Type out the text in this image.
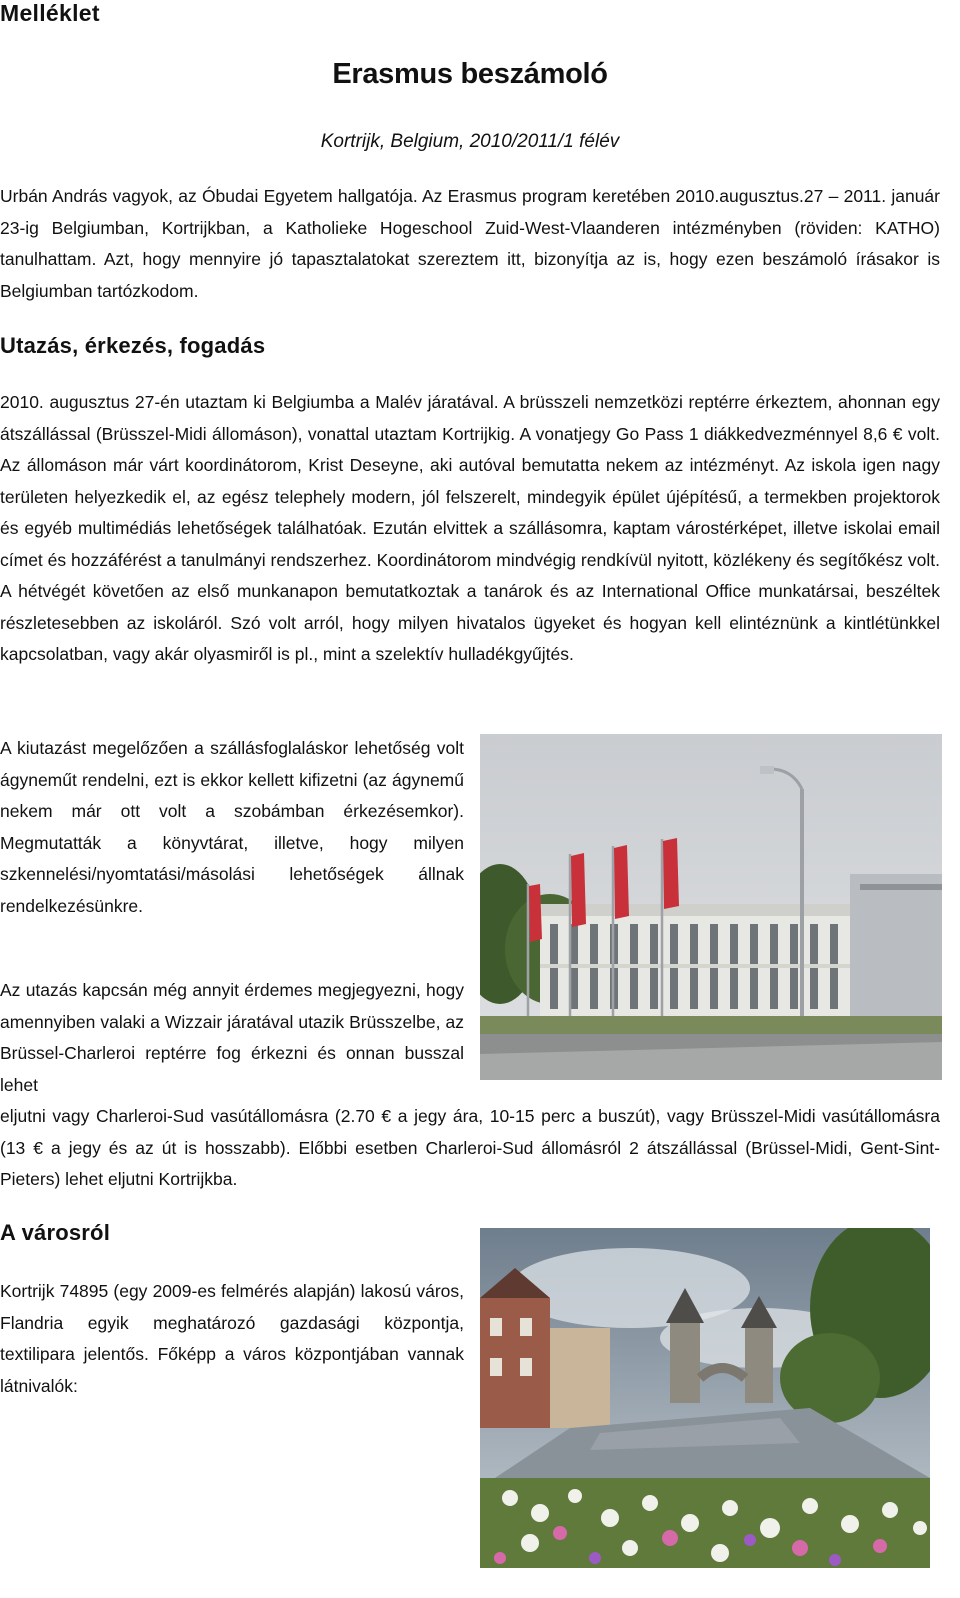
Melléklet
Erasmus beszámoló
Kortrijk, Belgium, 2010/2011/1 félév
Urbán András vagyok, az Óbudai Egyetem hallgatója. Az Erasmus program keretében 2010.augusztus.27 – 2011. január 23-ig Belgiumban, Kortrijkban, a Katholieke Hogeschool Zuid-West-Vlaanderen intézményben (röviden: KATHO) tanulhattam. Azt, hogy mennyire jó tapasztalatokat szereztem itt, bizonyítja az is, hogy ezen beszámoló írásakor is Belgiumban tartózkodom.
Utazás, érkezés, fogadás
2010. augusztus 27-én utaztam ki Belgiumba a Malév járatával. A brüsszeli nemzetközi reptérre érkeztem, ahonnan egy átszállással (Brüsszel-Midi állomáson), vonattal utaztam Kortrijkig. A vonatjegy Go Pass 1 diákkedvezménnyel 8,6 € volt. Az állomáson már várt koordinátorom, Krist Deseyne, aki autóval bemutatta nekem az intézményt. Az iskola igen nagy területen helyezkedik el, az egész telephely modern, jól felszerelt, mindegyik épület újépítésű, a termekben projektorok és egyéb multimédiás lehetőségek találhatóak. Ezután elvittek a szállásomra, kaptam várostérképet, illetve iskolai email címet és hozzáférést a tanulmányi rendszerhez. Koordinátorom mindvégig rendkívül nyitott, közlékeny és segítőkész volt. A hétvégét követően az első munkanapon bemutatkoztak a tanárok és az International Office munkatársai, beszéltek részletesebben az iskoláról. Szó volt arról, hogy milyen hivatalos ügyeket és hogyan kell elintéznünk a kintlétünkkel kapcsolatban, vagy akár olyasmiről is pl., mint a szelektív hulladékgyűjtés.
A kiutazást megelőzően a szállásfoglaláskor lehetőség volt ágyneműt rendelni, ezt is ekkor kellett kifizetni (az ágynemű nekem már ott volt a szobámban érkezésemkor). Megmutatták a könyvtárat, illetve, hogy milyen szkennelési/nyomtatási/másolási lehetőségek állnak rendelkezésünkre.
Az utazás kapcsán még annyit érdemes megjegyezni, hogy amennyiben valaki a Wizzair járatával utazik Brüsszelbe, az Brüssel-Charleroi reptérre fog érkezni és onnan busszal lehet
eljutni vagy Charleroi-Sud vasútállomásra (2.70 € a jegy ára, 10-15 perc a buszút), vagy Brüsszel-Midi vasútállomásra (13 € a jegy és az út is hosszabb). Előbbi esetben Charleroi-Sud állomásról 2 átszállással (Brüssel-Midi, Gent-Sint-Pieters) lehet eljutni Kortrijkba.
A városról
Kortrijk 74895 (egy 2009-es felmérés alapján) lakosú város, Flandria egyik meghatározó gazdasági központja, textilipara jelentős. Főképp a város központjában vannak látnivalók:
